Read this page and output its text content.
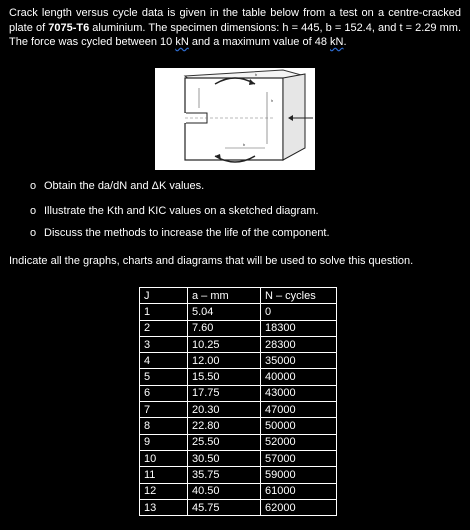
Crack length versus cycle data is given in the table below from a test on a centre-cracked plate of 7075-T6 aluminium. The specimen dimensions: h = 445, b = 152.4, and t = 2.29 mm. The force was cycled between 10 kN and a maximum value of 48 kN.
b
h
b
o Obtain the da/dN and ΔK values.
o Illustrate the Kth and KIC values on a sketched diagram.
o Discuss the methods to increase the life of the component.
Indicate all the graphs, charts and diagrams that will be used to solve this question.
J	a – mm	N – cycles
1	5.04	0
2	7.60	18300
3	10.25	28300
4	12.00	35000
5	15.50	40000
6	17.75	43000
7	20.30	47000
8	22.80	50000
9	25.50	52000
10	30.50	57000
11	35.75	59000
12	40.50	61000
13	45.75	62000
